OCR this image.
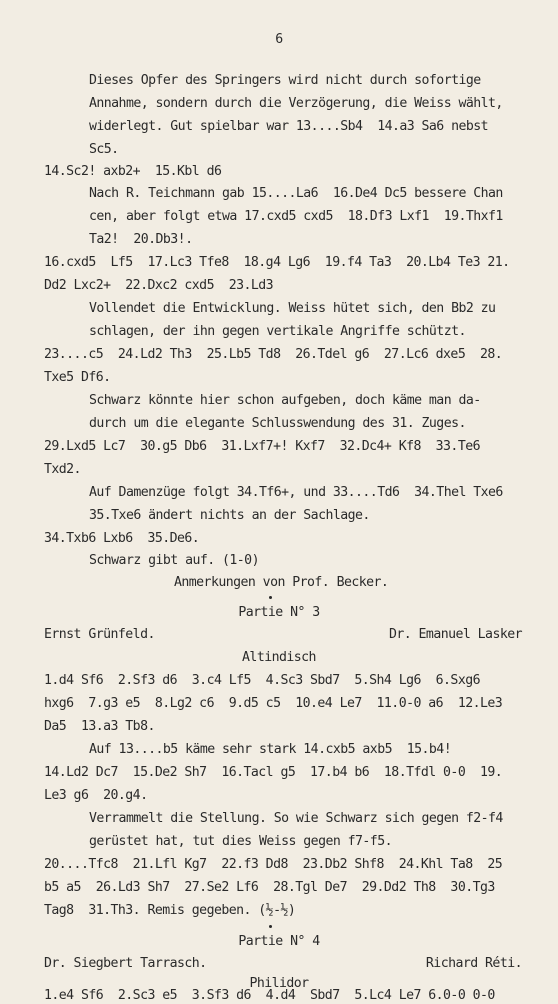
6
Dieses Opfer des Springers wird nicht durch sofortige
Annahme, sondern durch die Verzögerung, die Weiss wählt,
widerlegt. Gut spielbar war 13....Sb4  14.a3 Sa6 nebst
Sc5.
14.Sc2! axb2+  15.Kbl d6
Nach R. Teichmann gab 15....La6  16.De4 Dc5 bessere Chan
cen, aber folgt etwa 17.cxd5 cxd5  18.Df3 Lxf1  19.Thxf1
Ta2!  20.Db3!.
16.cxd5  Lf5  17.Lc3 Tfe8  18.g4 Lg6  19.f4 Ta3  20.Lb4 Te3 21.
Dd2 Lxc2+  22.Dxc2 cxd5  23.Ld3
Vollendet die Entwicklung. Weiss hütet sich, den Bb2 zu
schlagen, der ihn gegen vertikale Angriffe schützt.
23....c5  24.Ld2 Th3  25.Lb5 Td8  26.Tdel g6  27.Lc6 dxe5  28.
Txe5 Df6.
Schwarz könnte hier schon aufgeben, doch käme man da-
durch um die elegante Schlusswendung des 31. Zuges.
29.Lxd5 Lc7  30.g5 Db6  31.Lxf7+! Kxf7  32.Dc4+ Kf8  33.Te6
Txd2.
Auf Damenzüge folgt 34.Tf6+, und 33....Td6  34.Thel Txe6
35.Txe6 ändert nichts an der Sachlage.
34.Txb6 Lxb6  35.De6.
Schwarz gibt auf. (1-0)
Anmerkungen von Prof. Becker.
Partie N° 3
Ernst Grünfeld.	Dr. Emanuel Lasker
Altindisch
1.d4 Sf6  2.Sf3 d6  3.c4 Lf5  4.Sc3 Sbd7  5.Sh4 Lg6  6.Sxg6
hxg6  7.g3 e5  8.Lg2 c6  9.d5 c5  10.e4 Le7  11.0-0 a6  12.Le3
Da5  13.a3 Tb8.
Auf 13....b5 käme sehr stark 14.cxb5 axb5  15.b4!
14.Ld2 Dc7  15.De2 Sh7  16.Tacl g5  17.b4 b6  18.Tfdl 0-0  19.
Le3 g6  20.g4.
Verrammelt die Stellung. So wie Schwarz sich gegen f2-f4
gerüstet hat, tut dies Weiss gegen f7-f5.
20....Tfc8  21.Lfl Kg7  22.f3 Dd8  23.Db2 Shf8  24.Khl Ta8  25
b5 a5  26.Ld3 Sh7  27.Se2 Lf6  28.Tgl De7  29.Dd2 Th8  30.Tg3
Tag8  31.Th3. Remis gegeben. (½-½)
Partie N° 4
Dr. Siegbert Tarrasch.	Richard Réti.
Philidor
1.e4 Sf6  2.Sc3 e5  3.Sf3 d6  4.d4  Sbd7  5.Lc4 Le7 6.0-0 0-0
